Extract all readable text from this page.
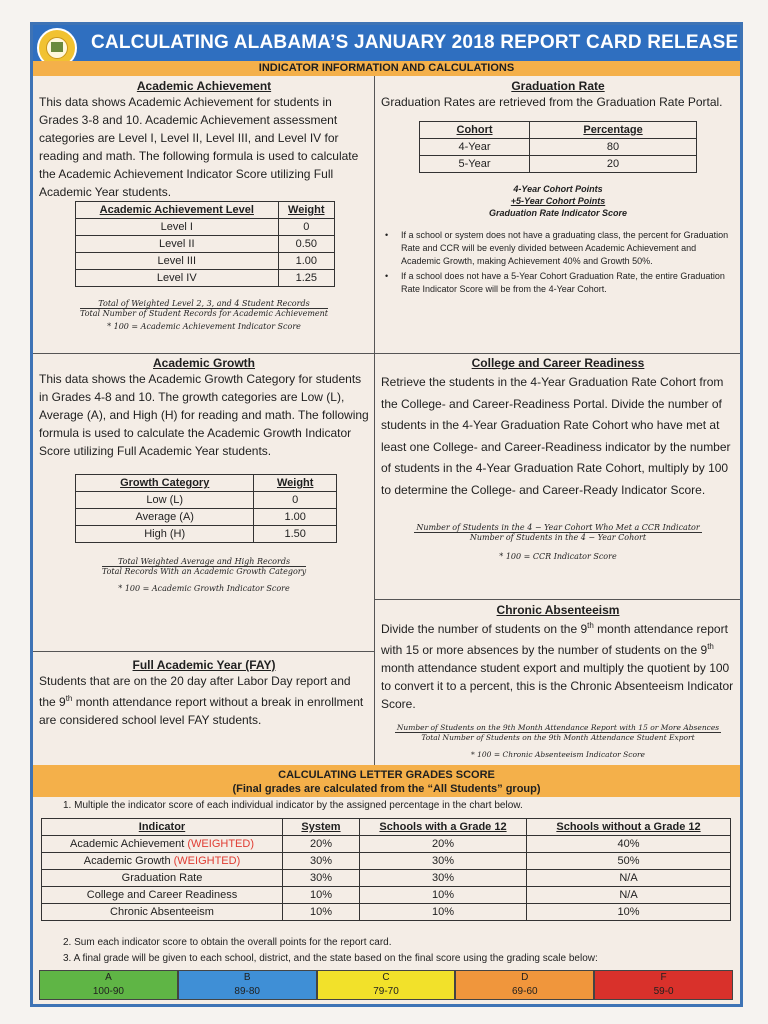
CALCULATING ALABAMA’S JANUARY 2018 REPORT CARD RELEASE
INDICATOR INFORMATION AND CALCULATIONS
Academic Achievement

This data shows Academic Achievement for students in Grades 3-8 and 10. Academic Achievement assessment categories are Level I, Level II, Level III, and Level IV for reading and math. The following formula is used to calculate the Academic Achievement Indicator Score utilizing Full Academic Year students.

Academic Achievement Level	Weight
Level I	0
Level II	0.50
Level III	1.00
Level IV	1.25
$\frac{\text{Total of Weighted Level 2, 3, and 4 Student Records}}{\text{Total Number of Student Records for Academic Achievement}}$
* 100 = Academic Achievement Indicator Score
Graduation Rate

Graduation Rates are retrieved from the Graduation Rate Portal.

Cohort	Percentage
4-Year	80
5-Year	20
4-Year Cohort Points
+5-Year Cohort Points
Graduation Rate Indicator Score
• If a school or system does not have a graduating class, the percent for Graduation Rate and CCR will be evenly divided between Academic Achievement and Academic Growth, making Achievement 40% and Growth 50%.
• If a school does not have a 5-Year Cohort Graduation Rate, the entire Graduation Rate Indicator Score will be from the 4-Year Cohort.
Academic Growth

This data shows the Academic Growth Category for students in Grades 4-8 and 10. The growth categories are Low (L), Average (A), and High (H) for reading and math. The following formula is used to calculate the Academic Growth Indicator Score utilizing Full Academic Year students.

Growth Category	Weight
Low (L)	0
Average (A)	1.00
High (H)	1.50
$\frac{\text{Total Weighted Average and High Records}}{\text{Total Records With an Academic Growth Category}}$
* 100 = Academic Growth Indicator Score
College and Career Readiness

Retrieve the students in the 4-Year Graduation Rate Cohort from the College- and Career-Readiness Portal. Divide the number of students in the 4-Year Graduation Rate Cohort who have met at least one College- and Career-Readiness indicator by the number of students in the 4-Year Graduation Rate Cohort, multiply by 100 to determine the College- and Career-Ready Indicator Score.

Number of Students in the 4 − Year Cohort Who Met a CCR Indicator
Number of Students in the 4 − Year Cohort
* 100 = CCR Indicator Score
Full Academic Year (FAY)

Students that are on the 20 day after Labor Day report and the 9th month attendance report without a break in enrollment are considered school level FAY students.

Chronic Absenteeism

Divide the number of students on the 9th month attendance report with 15 or more absences by the number of students on the 9th month attendance student export and multiply the quotient by 100 to convert it to a percent, this is the Chronic Absenteeism Indicator Score.

Number of Students on the 9th Month Attendance Report with 15 or More Absences
Total Number of Students on the 9th Month Attendance Student Export
* 100 = Chronic Absenteeism Indicator Score
CALCULATING LETTER GRADES SCORE
(Final grades are calculated from the “All Students” group)
1. Multiple the indicator score of each individual indicator by the assigned percentage in the chart below.
Indicator	System	Schools with a Grade 12	Schools without a Grade 12
Academic Achievement (WEIGHTED)	20%	20%	40%
Academic Growth (WEIGHTED)	30%	30%	50%
Graduation Rate	30%	30%	N/A
College and Career Readiness	10%	10%	N/A
Chronic Absenteeism	10%	10%	10%
2. Sum each indicator score to obtain the overall points for the report card.
3. A final grade will be given to each school, district, and the state based on the final score using the grading scale below:
A
100-90
B
89-80
C
79-70
D
69-60
F
59-0
